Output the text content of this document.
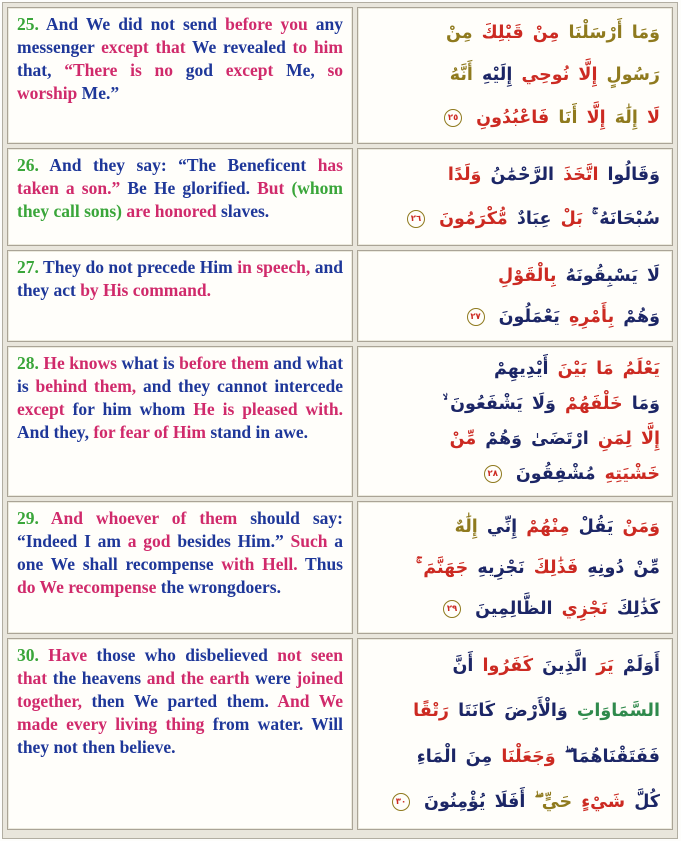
25. And We did not send before you any messenger except that We revealed to him that, “There is no god except Me, so worship Me.”
وَمَا أَرْسَلْنَا مِنْ قَبْلِكَ مِنْ
رَسُولٍ إِلَّا نُوحِي إِلَيْهِ أَنَّهُ
لَا إِلَٰهَ إِلَّا أَنَا فَاعْبُدُونِ ٢٥
26. And they say: “The Beneficent has taken a son.” Be He glorified. But (whom they call sons) are honored slaves.
وَقَالُوا اتَّخَذَ الرَّحْمَٰنُ وَلَدًا
سُبْحَانَهُ ۚ بَلْ عِبَادٌ مُّكْرَمُونَ ٢٦
27. They do not precede Him in speech, and they act by His command.
لَا يَسْبِقُونَهُ بِالْقَوْلِ
وَهُمْ بِأَمْرِهِ يَعْمَلُونَ ٢٧
28. He knows what is before them and what is behind them, and they cannot intercede except for him whom He is pleased with. And they, for fear of Him stand in awe.
يَعْلَمُ مَا بَيْنَ أَيْدِيهِمْ
وَمَا خَلْفَهُمْ وَلَا يَشْفَعُونَ ۙ
إِلَّا لِمَنِ ارْتَضَىٰ وَهُمْ مِّنْ
خَشْيَتِهِ مُشْفِقُونَ ٢٨
29. And whoever of them should say: “Indeed I am a god besides Him.” Such a one We shall recompense with Hell. Thus do We recompense the wrongdoers.
وَمَنْ يَقُلْ مِنْهُمْ إِنِّي إِلَٰهٌ
مِّنْ دُونِهِ فَذَٰلِكَ نَجْزِيهِ جَهَنَّمَ ۚ
كَذَٰلِكَ نَجْزِي الظَّالِمِينَ ٢٩
30. Have those who disbelieved not seen that the heavens and the earth were joined together, then We parted them. And We made every living thing from water. Will they not then believe.
أَوَلَمْ يَرَ الَّذِينَ كَفَرُوا أَنَّ
السَّمَاوَاتِ وَالْأَرْضَ كَانَتَا رَتْقًا
فَفَتَقْنَاهُمَا ۖ وَجَعَلْنَا مِنَ الْمَاءِ
كُلَّ شَيْءٍ حَيٍّ ۖ أَفَلَا يُؤْمِنُونَ ٣٠
